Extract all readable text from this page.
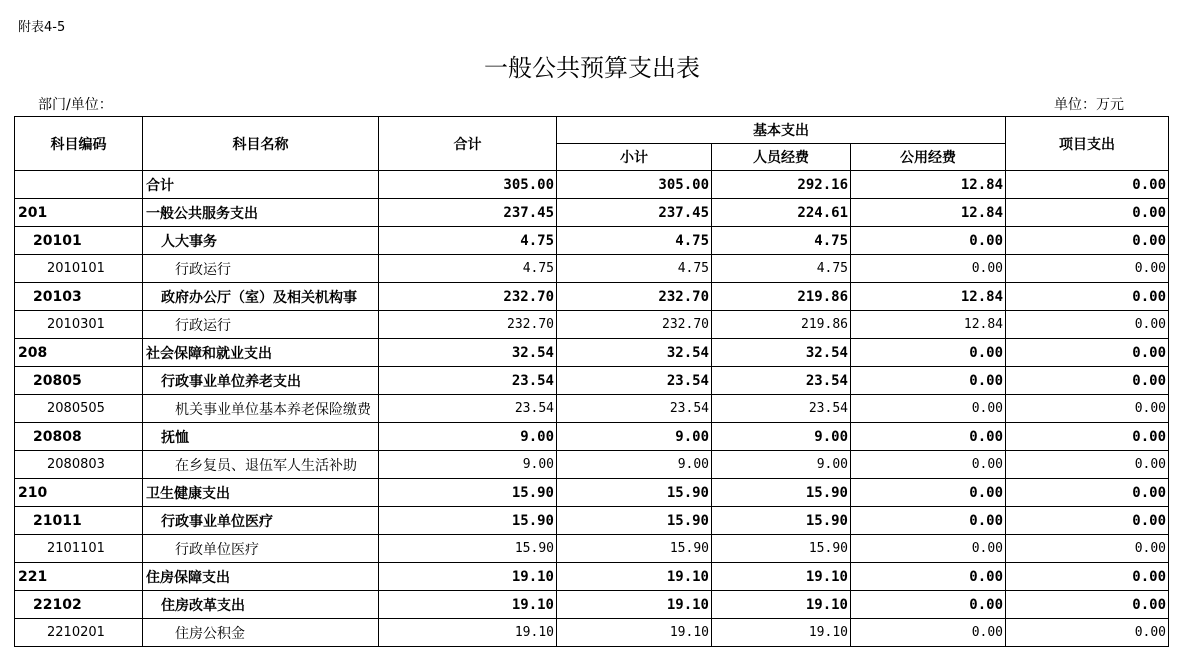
附表4-5
一般公共预算支出表
部门/单位：	单位：万元
科目编码	科目名称	合计	基本支出			项目支出
			小计	人员经费	公用经费	
	合计	305.00	305.00	292.16	12.84	0.00
201	一般公共服务支出	237.45	237.45	224.61	12.84	0.00
20101	人大事务	4.75	4.75	4.75	0.00	0.00
2010101	行政运行	4.75	4.75	4.75	0.00	0.00
20103	政府办公厅（室）及相关机构事	232.70	232.70	219.86	12.84	0.00
2010301	行政运行	232.70	232.70	219.86	12.84	0.00
208	社会保障和就业支出	32.54	32.54	32.54	0.00	0.00
20805	行政事业单位养老支出	23.54	23.54	23.54	0.00	0.00
2080505	机关事业单位基本养老保险缴费	23.54	23.54	23.54	0.00	0.00
20808	抚恤	9.00	9.00	9.00	0.00	0.00
2080803	在乡复员、退伍军人生活补助	9.00	9.00	9.00	0.00	0.00
210	卫生健康支出	15.90	15.90	15.90	0.00	0.00
21011	行政事业单位医疗	15.90	15.90	15.90	0.00	0.00
2101101	行政单位医疗	15.90	15.90	15.90	0.00	0.00
221	住房保障支出	19.10	19.10	19.10	0.00	0.00
22102	住房改革支出	19.10	19.10	19.10	0.00	0.00
2210201	住房公积金	19.10	19.10	19.10	0.00	0.00
